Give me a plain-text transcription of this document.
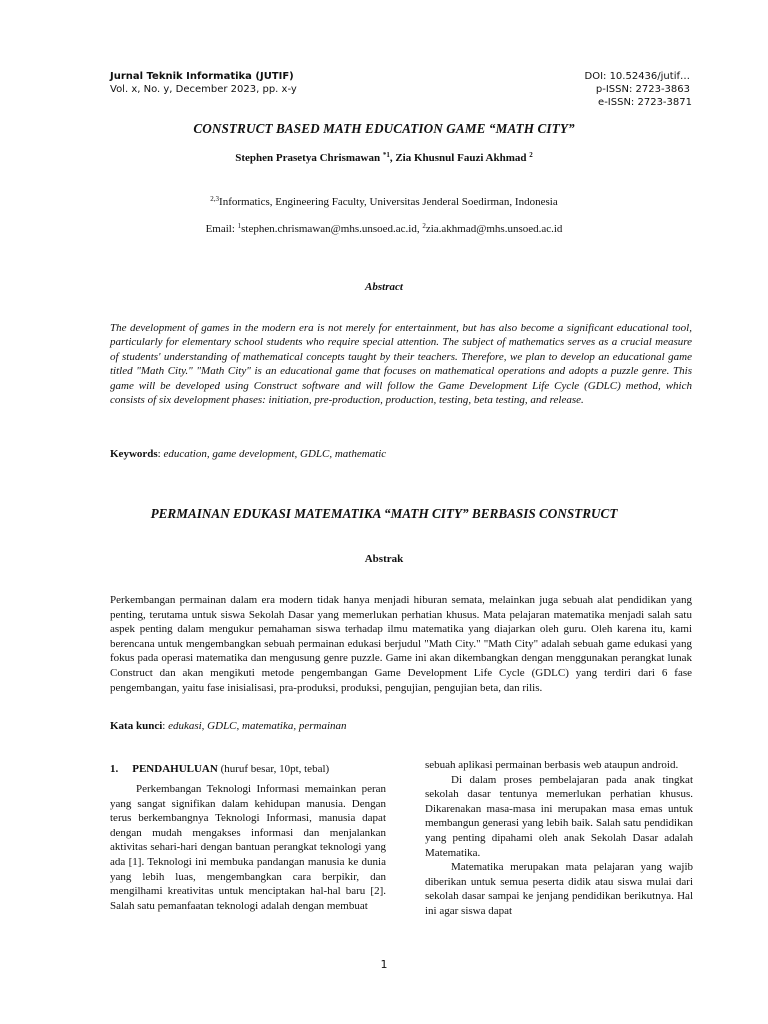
Jurnal Teknik Informatika (JUTIF)
Vol. x, No. y, December 2023, pp. x-y
DOI: 10.52436/jutif…
p-ISSN: 2723-3863
e-ISSN: 2723-3871
CONSTRUCT BASED MATH EDUCATION GAME “MATH CITY”
Stephen Prasetya Chrismawan $^{*1}$, Zia Khusnul Fauzi Akhmad $^2$
$^{2,3}$Informatics, Engineering Faculty, Universitas Jenderal Soedirman, Indonesia
Email: $^1$stephen.chrismawan@mhs.unsoed.ac.id, $^2$zia.akhmad@mhs.unsoed.ac.id
Abstract
The development of games in the modern era is not merely for entertainment, but has also become a significant educational tool, particularly for elementary school students who require special attention. The subject of mathematics serves as a crucial measure of students' understanding of mathematical concepts taught by their teachers. Therefore, we plan to develop an educational game titled "Math City." "Math City" is an educational game that focuses on mathematical operations and adopts a puzzle genre. This game will be developed using Construct software and will follow the Game Development Life Cycle (GDLC) method, which consists of six development phases: initiation, pre-production, production, testing, beta testing, and release.
Keywords: education, game development, GDLC, mathematic
PERMAINAN EDUKASI MATEMATIKA “MATH CITY” BERBASIS CONSTRUCT
Abstrak
Perkembangan permainan dalam era modern tidak hanya menjadi hiburan semata, melainkan juga sebuah alat pendidikan yang penting, terutama untuk siswa Sekolah Dasar yang memerlukan perhatian khusus. Mata pelajaran matematika menjadi salah satu aspek penting dalam mengukur pemahaman siswa terhadap ilmu matematika yang diajarkan oleh guru. Oleh karena itu, kami berencana untuk mengembangkan sebuah permainan edukasi berjudul "Math City." "Math City" adalah sebuah game edukasi yang fokus pada operasi matematika dan mengusung genre puzzle. Game ini akan dikembangkan dengan menggunakan perangkat lunak Construct dan akan mengikuti metode pengembangan Game Development Life Cycle (GDLC) yang terdiri dari 6 fase pengembangan, yaitu fase inisialisasi, pra-produksi, produksi, pengujian, pengujian beta, dan rilis.
Kata kunci: edukasi, GDLC, matematika, permainan
1. PENDAHULUAN (huruf besar, 10pt, tebal)

Perkembangan Teknologi Informasi memainkan peran yang sangat signifikan dalam kehidupan manusia. Dengan terus berkembangnya Teknologi Informasi, manusia dapat dengan mudah mengakses informasi dan menjalankan aktivitas sehari-hari dengan bantuan perangkat teknologi yang ada [1]. Teknologi ini membuka pandangan manusia ke dunia yang lebih luas, mengembangkan cara berpikir, dan mengilhami kreativitas untuk menciptakan hal-hal baru [2]. Salah satu pemanfaatan teknologi adalah dengan membuat

sebuah aplikasi permainan berbasis web ataupun android.

Di dalam proses pembelajaran pada anak tingkat sekolah dasar tentunya memerlukan perhatian khusus. Dikarenakan masa-masa ini merupakan masa emas untuk membangun generasi yang lebih baik. Salah satu pendidikan yang penting dipahami oleh anak Sekolah Dasar adalah Matematika.

Matematika merupakan mata pelajaran yang wajib diberikan untuk semua peserta didik atau siswa mulai dari sekolah dasar sampai ke jenjang pendidikan berikutnya. Hal ini agar siswa dapat

1
